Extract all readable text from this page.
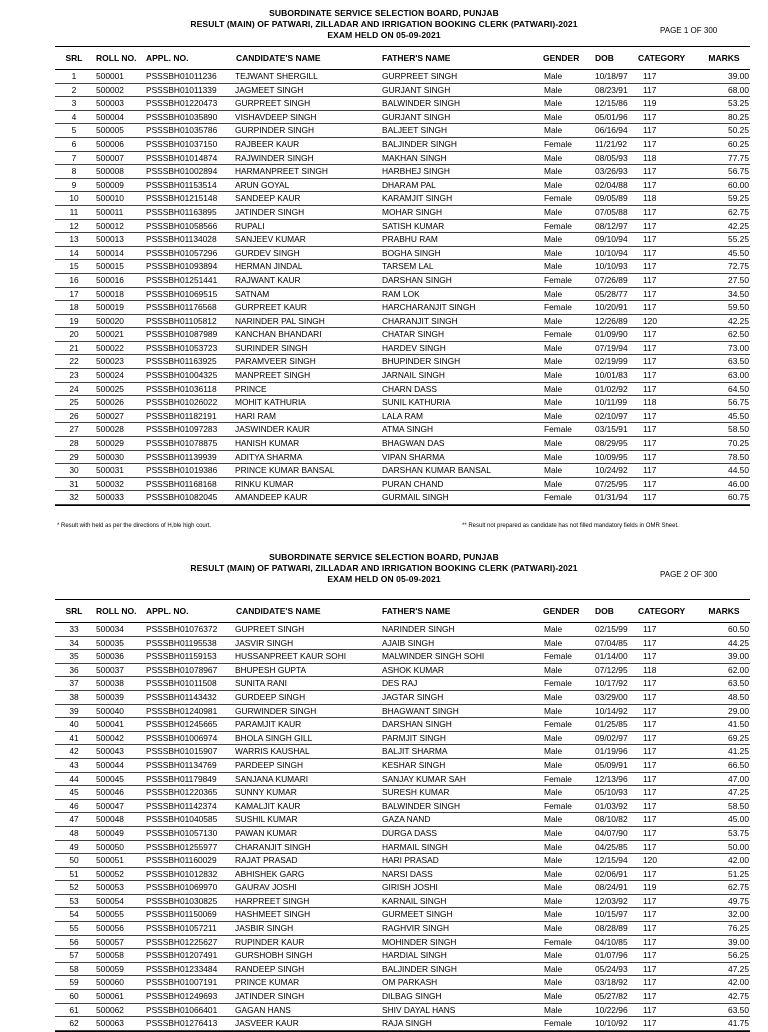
SUBORDINATE SERVICE SELECTION BOARD, PUNJAB
RESULT (MAIN) OF PATWARI, ZILLADAR AND IRRIGATION BOOKING CLERK (PATWARI)-2021
EXAM HELD ON 05-09-2021	PAGE 1 OF 300
SRL	ROLL NO. APPL. NO.	CANDIDATE'S NAME	FATHER'S NAME	GENDER DOB	CATEGORY	MARKS
1	500001	PSSSBH01011236 TEJWANT SHERGILL	GURPREET SINGH	Male	10/18/97 117	39.00
2	500002	PSSSBH01011339 JAGMEET SINGH	GURJANT SINGH	Male	08/23/91 117	68.00
3	500003	PSSSBH01220473 GURPREET SINGH	BALWINDER SINGH	Male	12/15/86 119	53.25
4	500004	PSSSBH01035890 VISHAVDEEP SINGH	GURJANT SINGH	Male	05/01/96 117	80.25
5	500005	PSSSBH01035786 GURPINDER SINGH	BALJEET SINGH	Male	06/16/94 117	50.25
6	500006	PSSSBH01037150 RAJBEER KAUR	BALJINDER SINGH	Female	11/21/92 117	60.25
7	500007	PSSSBH01014874 RAJWINDER SINGH	MAKHAN SINGH	Male	08/05/93 118	77.75
8	500008	PSSSBH01002894 HARMANPREET SINGH	HARBHEJ SINGH	Male	03/26/93 117	56.75
9	500009	PSSSBH01153514 ARUN GOYAL	DHARAM PAL	Male	02/04/88 117	60.00
10	500010	PSSSBH01215148 SANDEEP KAUR	KARAMJIT SINGH	Female	09/05/89 118	59.25
11	500011	PSSSBH01163895 JATINDER SINGH	MOHAR SINGH	Male	07/05/88 117	62.75
12	500012	PSSSBH01058566 RUPALI	SATISH KUMAR	Female	08/12/97 117	42.25
13	500013	PSSSBH01134028 SANJEEV KUMAR	PRABHU RAM	Male	09/10/94 117	55.25
14	500014	PSSSBH01057296 GURDEV SINGH	BOGHA SINGH	Male	10/10/94 117	45.50
15	500015	PSSSBH01093894 HERMAN JINDAL	TARSEM LAL	Male	10/10/93 117	72.75
16	500016	PSSSBH01251441 RAJWANT KAUR	DARSHAN SINGH	Female	07/26/89 117	27.50
17	500018	PSSSBH01069515 SATNAM	RAM LOK	Male	05/28/77 117	34.50
18	500019	PSSSBH01176568 GURPREET KAUR	HARCHARANJIT SINGH	Female	10/20/91 117	59.50
19	500020	PSSSBH01105812 NARINDER PAL SINGH	CHARANJIT SINGH	Male	12/26/89 120	42.25
20	500021	PSSSBH01087989 KANCHAN BHANDARI	CHATAR SINGH	Female	01/09/90 117	62.50
21	500022	PSSSBH01053723 SURINDER SINGH	HARDEV SINGH	Male	07/19/94 117	73.00
22	500023	PSSSBH01163925 PARAMVEER SINGH	BHUPINDER SINGH	Male	02/19/99 117	63.50
23	500024	PSSSBH01004325 MANPREET SINGH	JARNAIL SINGH	Male	10/01/83 117	63.00
24	500025	PSSSBH01036118 PRINCE	CHARN DASS	Male	01/02/92 117	64.50
25	500026	PSSSBH01026022 MOHIT KATHURIA	SUNIL KATHURIA	Male	10/11/99 118	56.75
26	500027	PSSSBH01182191 HARI RAM	LALA RAM	Male	02/10/97 117	45.50
27	500028	PSSSBH01097283 JASWINDER KAUR	ATMA SINGH	Female	03/15/91 117	58.50
28	500029	PSSSBH01078875 HANISH KUMAR	BHAGWAN DAS	Male	08/29/95 117	70.25
29	500030	PSSSBH01139939 ADITYA SHARMA	VIPAN SHARMA	Male	10/09/95 117	78.50
30	500031	PSSSBH01019386 PRINCE KUMAR BANSAL	DARSHAN KUMAR BANSAL	Male	10/24/92 117	44.50
31	500032	PSSSBH01168168 RINKU KUMAR	PURAN CHAND	Male	07/25/95 117	46.00
32	500033	PSSSBH01082045 AMANDEEP KAUR	GURMAIL SINGH	Female	01/31/94 117	60.75
* Result with held as per the directions of H,ble high court.	** Result not prepared as candidate has not filled mandatory fields in OMR Sheet.
SUBORDINATE SERVICE SELECTION BOARD, PUNJAB
RESULT (MAIN) OF PATWARI, ZILLADAR AND IRRIGATION BOOKING CLERK (PATWARI)-2021
EXAM HELD ON 05-09-2021	PAGE 2 OF 300
SRL	ROLL NO. APPL. NO.	CANDIDATE'S NAME	FATHER'S NAME	GENDER DOB	CATEGORY	MARKS
33	500034	PSSSBH01076372 GUPREET SINGH	NARINDER SINGH	Male	02/15/99 117	60.50
34	500035	PSSSBH01195538 JASVIR SINGH	AJAIB SINGH	Male	07/04/85 117	44.25
35	500036	PSSSBH01159153 HUSSANPREET KAUR SOHI	MALWINDER SINGH SOHI	Female	01/14/00 117	39.00
36	500037	PSSSBH01078967 BHUPESH GUPTA	ASHOK KUMAR	Male	07/12/95 118	62.00
37	500038	PSSSBH01011508 SUNITA RANI	DES RAJ	Female	10/17/92 117	63.50
38	500039	PSSSBH01143432 GURDEEP SINGH	JAGTAR SINGH	Male	03/29/00 117	48.50
39	500040	PSSSBH01240981 GURWINDER SINGH	BHAGWANT SINGH	Male	10/14/92 117	29.00
40	500041	PSSSBH01245665 PARAMJIT KAUR	DARSHAN SINGH	Female	01/25/85 117	41.50
41	500042	PSSSBH01006974 BHOLA SINGH GILL	PARMJIT SINGH	Male	09/02/97 117	69.25
42	500043	PSSSBH01015907 WARRIS KAUSHAL	BALJIT SHARMA	Male	01/19/96 117	41.25
43	500044	PSSSBH01134769 PARDEEP SINGH	KESHAR SINGH	Male	05/09/91 117	66.50
44	500045	PSSSBH01179849 SANJANA KUMARI	SANJAY KUMAR SAH	Female	12/13/96 117	47.00
45	500046	PSSSBH01220365 SUNNY KUMAR	SURESH KUMAR	Male	05/10/93 117	47.25
46	500047	PSSSBH01142374 KAMALJIT KAUR	BALWINDER SINGH	Female	01/03/92 117	58.50
47	500048	PSSSBH01040585 SUSHIL KUMAR	GAZA NAND	Male	08/10/82 117	45.00
48	500049	PSSSBH01057130 PAWAN KUMAR	DURGA DASS	Male	04/07/90 117	53.75
49	500050	PSSSBH01255977 CHARANJIT SINGH	HARMAIL SINGH	Male	04/25/85 117	50.00
50	500051	PSSSBH01160029 RAJAT PRASAD	HARI PRASAD	Male	12/15/94 120	42.00
51	500052	PSSSBH01012832 ABHISHEK GARG	NARSI DASS	Male	02/06/91 117	51.25
52	500053	PSSSBH01069970 GAURAV JOSHI	GIRISH JOSHI	Male	08/24/91 119	62.75
53	500054	PSSSBH01030825 HARPREET SINGH	KARNAIL SINGH	Male	12/03/92 117	49.75
54	500055	PSSSBH01150069 HASHMEET SINGH	GURMEET SINGH	Male	10/15/97 117	32.00
55	500056	PSSSBH01057211 JASBIR SINGH	RAGHVIR SINGH	Male	08/28/89 117	76.25
56	500057	PSSSBH01225627 RUPINDER KAUR	MOHINDER SINGH	Female	04/10/85 117	39.00
57	500058	PSSSBH01207491 GURSHOBH SINGH	HARDIAL SINGH	Male	01/07/96 117	56.25
58	500059	PSSSBH01233484 RANDEEP SINGH	BALJINDER SINGH	Male	05/24/93 117	47.25
59	500060	PSSSBH01007191 PRINCE KUMAR	OM PARKASH	Male	03/18/92 117	42.00
60	500061	PSSSBH01249693 JATINDER SINGH	DILBAG SINGH	Male	05/27/82 117	42.75
61	500062	PSSSBH01066401 GAGAN HANS	SHIV DAYAL HANS	Male	10/22/96 117	63.50
62	500063	PSSSBH01276413 JASVEER KAUR	RAJA SINGH	Female	10/10/92 117	41.75
